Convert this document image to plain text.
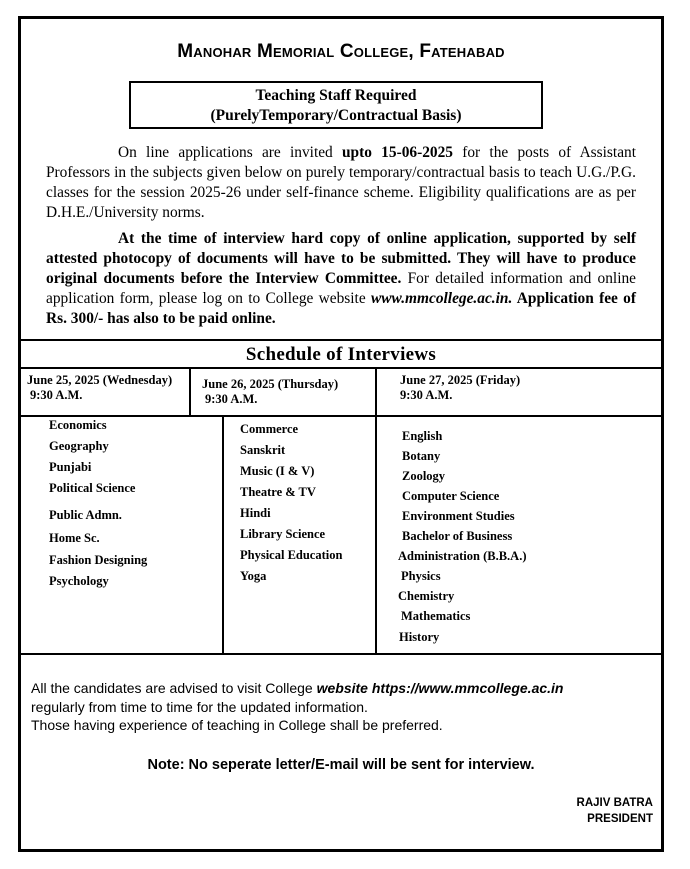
Manohar Memorial College, Fatehabad
Teaching Staff Required
(PurelyTemporary/Contractual Basis)
On line applications are invited upto 15-06-2025 for the posts of Assistant Professors in the subjects given below on purely temporary/contractual basis to teach U.G./P.G. classes for the session 2025-26 under self-finance scheme. Eligibility qualifications are as per D.H.E./University norms.
At the time of interview hard copy of online application, supported by self attested photocopy of documents will have to be submitted. They will have to produce original documents before the Interview Committee. For detailed information and online application form, please log on to College website www.mmcollege.ac.in. Application fee of Rs. 300/- has also to be paid online.
Schedule of Interviews
June 25, 2025 (Wednesday)
9:30 A.M.
June 26, 2025 (Thursday)
9:30 A.M.
June 27, 2025 (Friday)
9:30 A.M.
Economics
Geography
Punjabi
Political Science
Public Admn.
Home Sc.
Fashion Designing
Psychology
Commerce
Sanskrit
Music (I & V)
Theatre & TV
Hindi
Library Science
Physical Education
Yoga
English
Botany
Zoology
Computer Science
Environment Studies
Bachelor of Business
Administration (B.B.A.)
Physics
Chemistry
Mathematics
History
All the candidates are advised to visit College website https://www.mmcollege.ac.in
regularly from time to time for the updated information.
Those having experience of teaching in College shall be preferred.
Note: No seperate letter/E-mail will be sent for interview.
RAJIV BATRA
PRESIDENT
